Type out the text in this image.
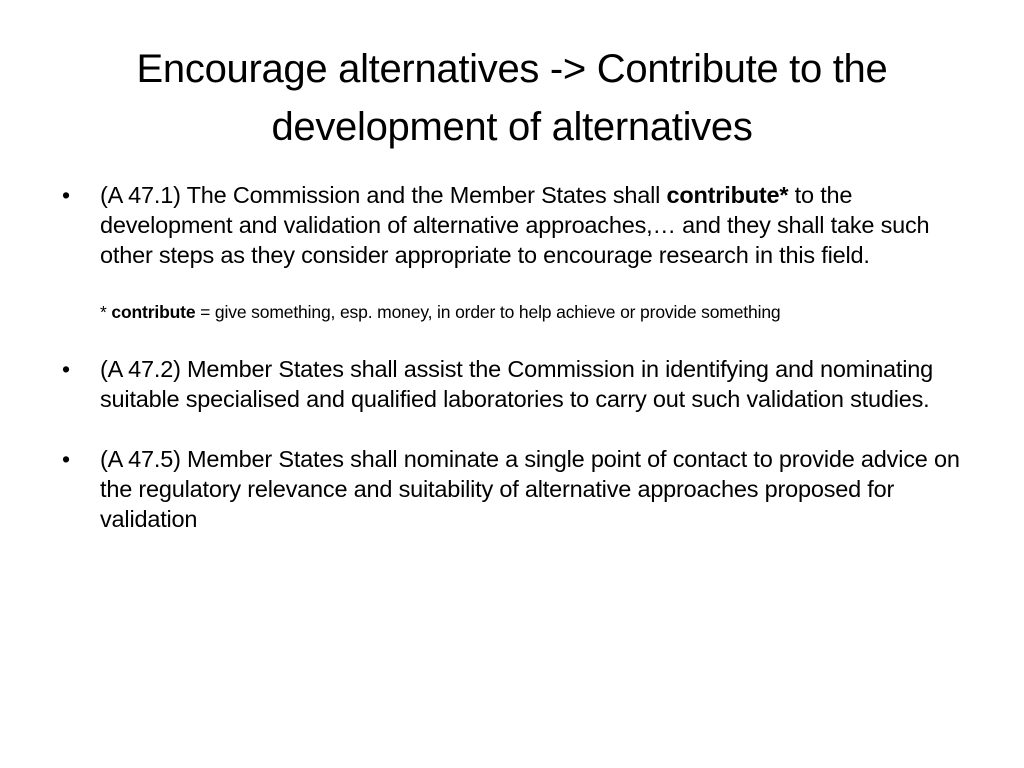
Encourage alternatives -> Contribute to the development of alternatives
• (A 47.1) The Commission and the Member States shall contribute* to the development and validation of alternative approaches,… and they shall take such other steps as they consider appropriate to encourage research in this field.
* contribute = give something, esp. money, in order to help achieve or provide something
• (A 47.2) Member States shall assist the Commission in identifying and nominating suitable specialised and qualified laboratories to carry out such validation studies.
• (A 47.5) Member States shall nominate a single point of contact to provide advice on the regulatory relevance and suitability of alternative approaches proposed for validation
